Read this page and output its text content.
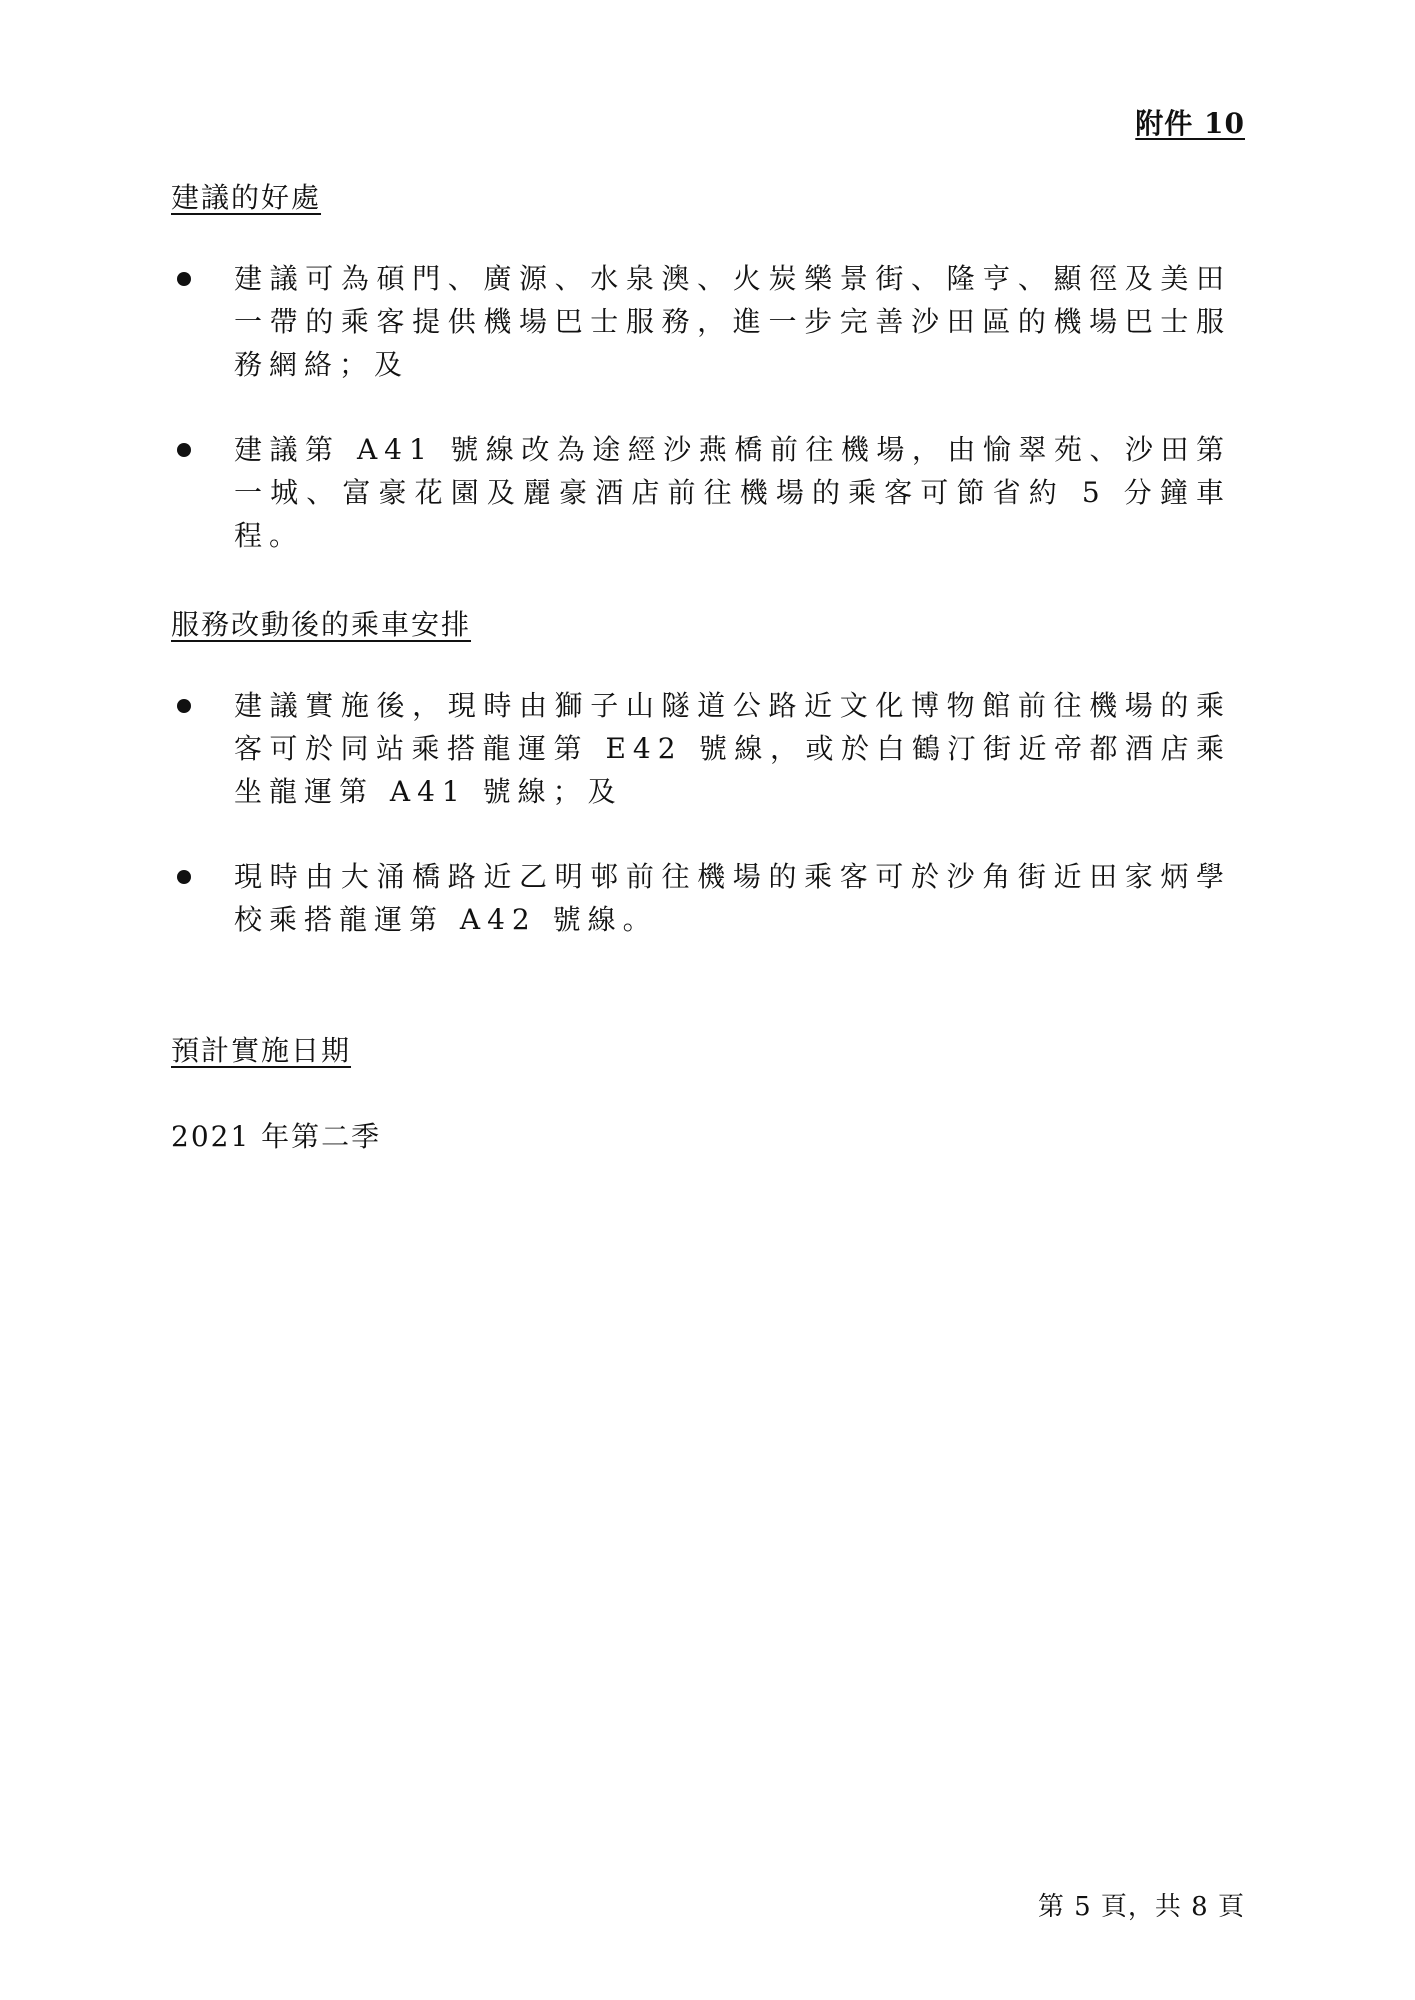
附件 10
建議的好處
建議可為碩門、廣源、水泉澳、火炭樂景街、隆亨、顯徑及美田一帶的乘客提供機場巴士服務，進一步完善沙田區的機場巴士服務網絡；及
建議第 A41 號線改為途經沙燕橋前往機場，由愉翠苑、沙田第一城、富豪花園及麗豪酒店前往機場的乘客可節省約 5 分鐘車程。
服務改動後的乘車安排
建議實施後，現時由獅子山隧道公路近文化博物館前往機場的乘客可於同站乘搭龍運第 E42 號線，或於白鶴汀街近帝都酒店乘坐龍運第 A41 號線；及
現時由大涌橋路近乙明邨前往機場的乘客可於沙角街近田家炳學校乘搭龍運第 A42 號線。
預計實施日期
2021 年第二季
第 5 頁，共 8 頁
